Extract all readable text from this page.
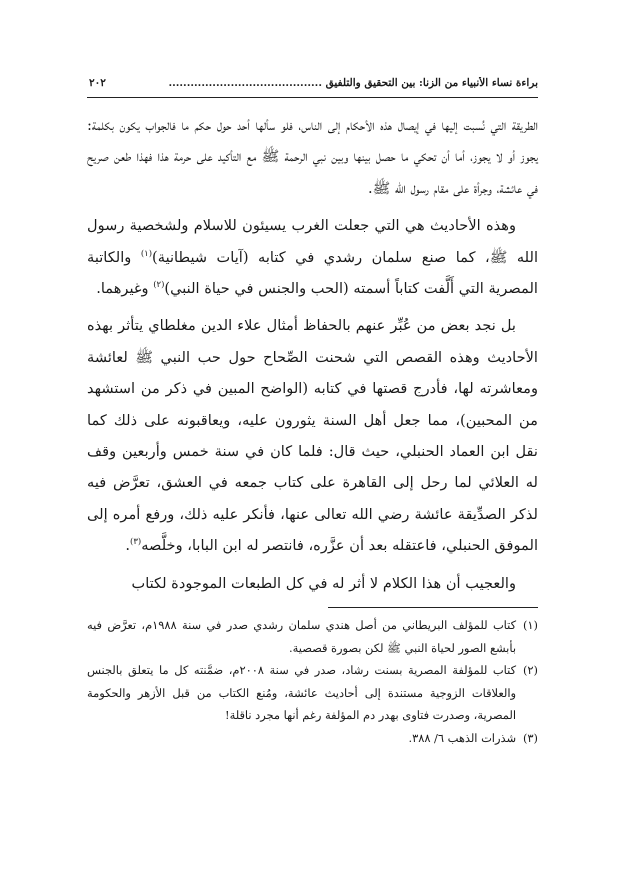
براءة نساء الأنبياء من الزنا: بين التحقيق والتلفيق ..........................................
٢٠٢

الطريقة التي نُسبت إليها في إيصال هذه الأحكام إلى الناس، فلو سألها أحد حول حكم ما فالجواب يكون بكلمة: يجوز أو لا يجوز، أما أن تحكي ما حصل بينها وبين نبي الرحمة ﷺ مع التأكيد على حرمة هذا فهذا طعن صريح في عائشة، وجرأة على مقام رسول الله ﷺ.

وهذه الأحاديث هي التي جعلت الغرب يسيئون للاسلام ولشخصية رسول الله ﷺ، كما صنع سلمان رشدي في كتابه (آيات شيطانية)$^{(١)}$ والكاتبة المصرية التي أَلَّفت كتاباً أسمته (الحب والجنس في حياة النبي)$^{(٢)}$ وغيرهما.

بل نجد بعض من عُبِّر عنهم بالحفاظ أمثال علاء الدين مغلطاي يتأثر بهذه الأحاديث وهذه القصص التي شحنت الصِّحاح حول حب النبي ﷺ لعائشة ومعاشرته لها، فأدرج قصتها في كتابه (الواضح المبين في ذكر من استشهد من المحبين)، مما جعل أهل السنة يثورون عليه، ويعاقبونه على ذلك كما نقل ابن العماد الحنبلي، حيث قال: فلما كان في سنة خمس وأربعين وقف له العلائي لما رحل إلى القاهرة على كتاب جمعه في العشق، تعرَّض فيه لذكر الصدِّيقة عائشة رضي الله تعالى عنها، فأنكر عليه ذلك، ورفع أمره إلى الموفق الحنبلي، فاعتقله بعد أن عزَّره، فانتصر له ابن البابا، وخلَّصه$^{(٣)}$.

والعجيب أن هذا الكلام لا أثر له في كل الطبعات الموجودة لكتاب

(١)
كتاب للمؤلف البريطاني من أصل هندي سلمان رشدي صدر في سنة ١٩٨٨م، تعرَّض فيه بأبشع الصور لحياة النبي ﷺ لكن بصورة قصصية.

(٢)
كتاب للمؤلفة المصرية بسنت رشاد، صدر في سنة ٢٠٠٨م، ضمَّنته كل ما يتعلق بالجنس والعلاقات الزوجية مستندة إلى أحاديث عائشة، ومُنع الكتاب من قبل الأزهر والحكومة المصرية، وصدرت فتاوى بهدر دم المؤلفة رغم أنها مجرد ناقلة!

(٣)
شذرات الذهب ٦/ ٣٨٨.
